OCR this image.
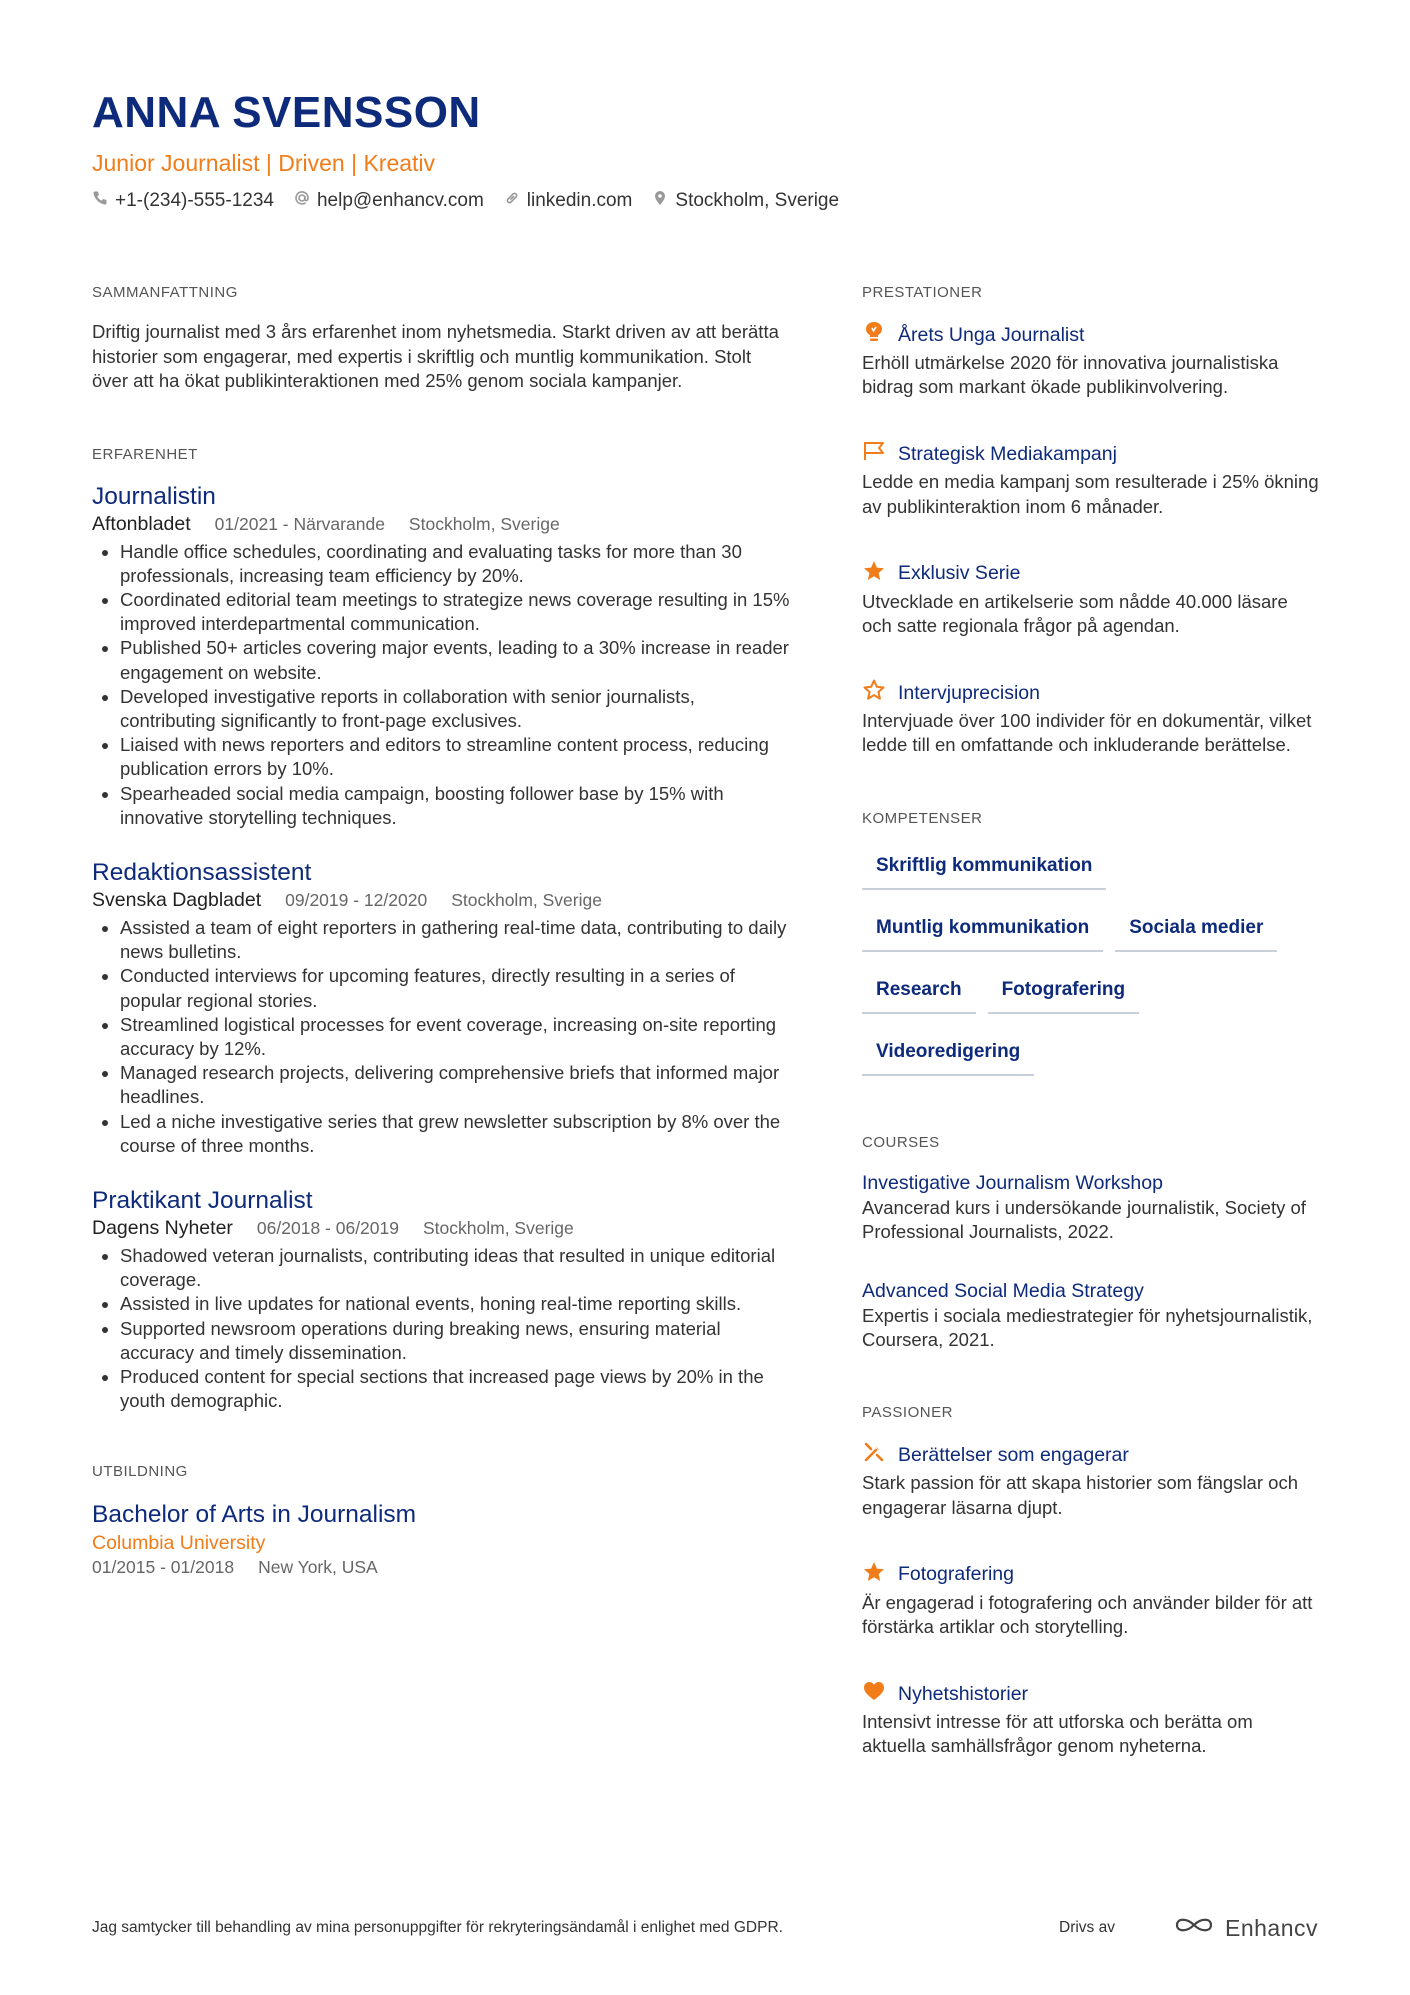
ANNA SVENSSON
Junior Journalist | Driven | Kreativ
+1-(234)-555-1234 help@enhancv.com linkedin.com Stockholm, Sverige
SAMMANFATTNING

Driftig journalist med 3 års erfarenhet inom nyhetsmedia. Starkt driven av att berätta historier som engagerar, med expertis i skriftlig och muntlig kommunikation. Stolt över att ha ökat publikinteraktionen med 25% genom sociala kampanjer.

ERFARENHET
Journalistin
Aftonbladet 01/2021 - Närvarande Stockholm, Sverige
• Handle office schedules, coordinating and evaluating tasks for more than 30 professionals, increasing team efficiency by 20%.
• Coordinated editorial team meetings to strategize news coverage resulting in 15% improved interdepartmental communication.
• Published 50+ articles covering major events, leading to a 30% increase in reader engagement on website.
• Developed investigative reports in collaboration with senior journalists, contributing significantly to front-page exclusives.
• Liaised with news reporters and editors to streamline content process, reducing publication errors by 10%.
• Spearheaded social media campaign, boosting follower base by 15% with innovative storytelling techniques.
Redaktionsassistent
Svenska Dagbladet 09/2019 - 12/2020 Stockholm, Sverige
• Assisted a team of eight reporters in gathering real-time data, contributing to daily news bulletins.
• Conducted interviews for upcoming features, directly resulting in a series of popular regional stories.
• Streamlined logistical processes for event coverage, increasing on-site reporting accuracy by 12%.
• Managed research projects, delivering comprehensive briefs that informed major headlines.
• Led a niche investigative series that grew newsletter subscription by 8% over the course of three months.
Praktikant Journalist
Dagens Nyheter 06/2018 - 06/2019 Stockholm, Sverige
• Shadowed veteran journalists, contributing ideas that resulted in unique editorial coverage.
• Assisted in live updates for national events, honing real-time reporting skills.
• Supported newsroom operations during breaking news, ensuring material accuracy and timely dissemination.
• Produced content for special sections that increased page views by 20% in the youth demographic.
UTBILDNING
Bachelor of Arts in Journalism
Columbia University
01/2015 - 01/2018 New York, USA
PRESTATIONER
Årets Unga Journalist
Erhöll utmärkelse 2020 för innovativa journalistiska bidrag som markant ökade publikinvolvering.
Strategisk Mediakampanj
Ledde en media kampanj som resulterade i 25% ökning av publikinteraktion inom 6 månader.
Exklusiv Serie
Utvecklade en artikelserie som nådde 40.000 läsare och satte regionala frågor på agendan.
Intervjuprecision
Intervjuade över 100 individer för en dokumentär, vilket ledde till en omfattande och inkluderande berättelse.
KOMPETENSER
Skriftlig kommunikation
Muntlig kommunikation	Sociala medier
Research	Fotografering
Videoredigering
COURSES
Investigative Journalism Workshop
Avancerad kurs i undersökande journalistik, Society of Professional Journalists, 2022.
Advanced Social Media Strategy
Expertis i sociala mediestrategier för nyhetsjournalistik, Coursera, 2021.
PASSIONER
Berättelser som engagerar
Stark passion för att skapa historier som fängslar och engagerar läsarna djupt.
Fotografering
Är engagerad i fotografering och använder bilder för att förstärka artiklar och storytelling.
Nyhetshistorier
Intensivt intresse för att utforska och berätta om aktuella samhällsfrågor genom nyheterna.
Jag samtycker till behandling av mina personuppgifter för rekryteringsändamål i enlighet med GDPR.	Drivs av	Enhancv
